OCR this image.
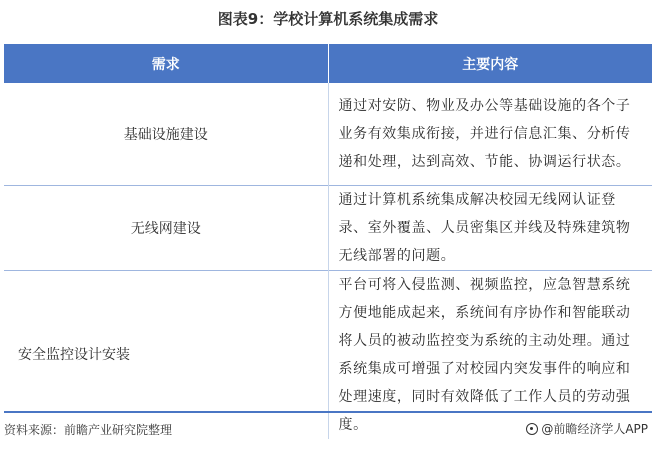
图表9：学校计算机系统集成需求
需求	主要内容
基础设施建设	通过对安防、物业及办公等基础设施的各个子业务有效集成衔接，并进行信息汇集、分析传递和处理，达到高效、节能、协调运行状态。
无线网建设	通过计算机系统集成解决校园无线网认证登录、室外覆盖、人员密集区并线及特殊建筑物无线部署的问题。
安全监控设计安装	平台可将入侵监测、视频监控，应急智慧系统方便地能成起来，系统间有序协作和智能联动将人员的被动监控变为系统的主动处理。通过系统集成可增强了对校园内突发事件的响应和处理速度，同时有效降低了工作人员的劳动强度。
资料来源：前瞻产业研究院整理	@前瞻经济学人APP
